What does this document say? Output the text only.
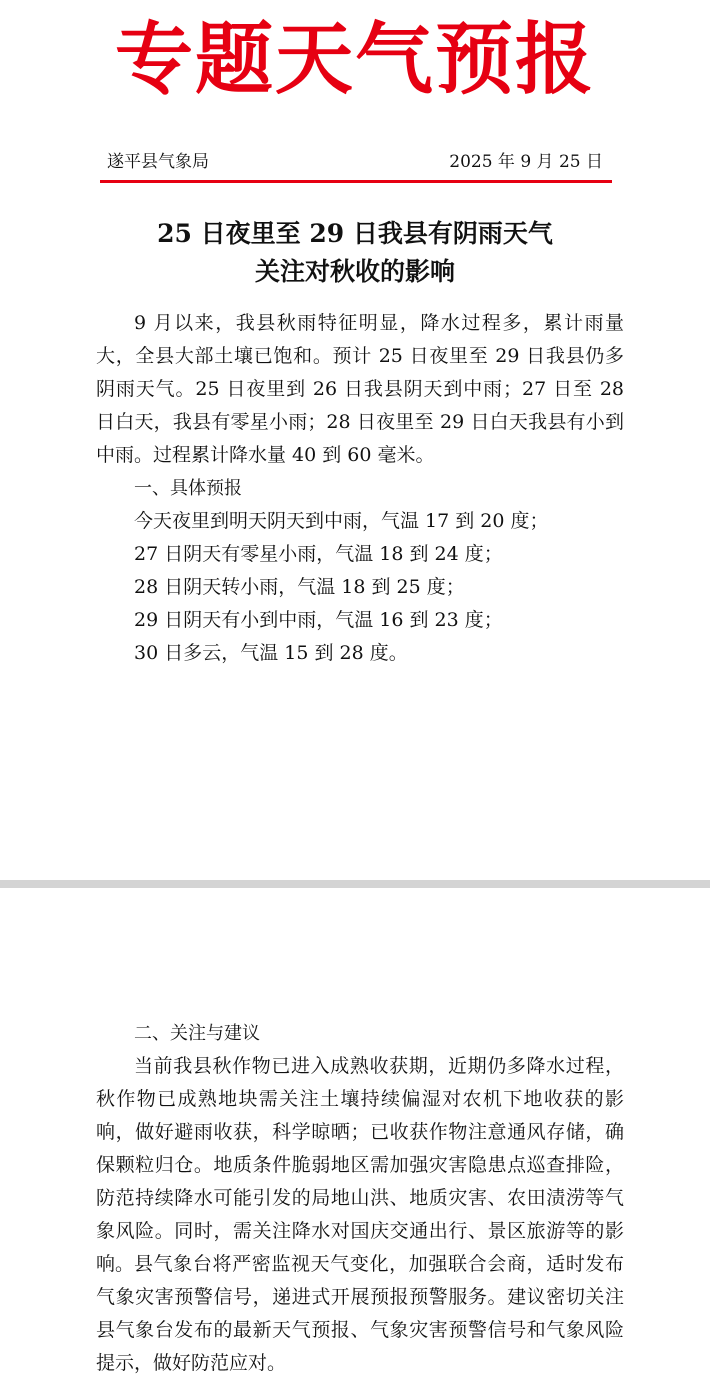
专题天气预报
遂平县气象局	2025 年 9 月 25 日
25 日夜里至 29 日我县有阴雨天气
关注对秋收的影响

9 月以来，我县秋雨特征明显，降水过程多，累计雨量大，全县大部土壤已饱和。预计 25 日夜里至 29 日我县仍多阴雨天气。25 日夜里到 26 日我县阴天到中雨；27 日至 28 日白天，我县有零星小雨；28 日夜里至 29 日白天我县有小到中雨。过程累计降水量 40 到 60 毫米。

一、具体预报
今天夜里到明天阴天到中雨，气温 17 到 20 度；
27 日阴天有零星小雨，气温 18 到 24 度；
28 日阴天转小雨，气温 18 到 25 度；
29 日阴天有小到中雨，气温 16 到 23 度；
30 日多云，气温 15 到 28 度。
二、关注与建议

当前我县秋作物已进入成熟收获期，近期仍多降水过程，秋作物已成熟地块需关注土壤持续偏湿对农机下地收获的影响，做好避雨收获，科学晾晒；已收获作物注意通风存储，确保颗粒归仓。地质条件脆弱地区需加强灾害隐患点巡查排险，防范持续降水可能引发的局地山洪、地质灾害、农田渍涝等气象风险。同时，需关注降水对国庆交通出行、景区旅游等的影响。 县气象台将严密监视天气变化，加强联合会商，适时发布气象灾害预警信号，递进式开展预报预警服务。建议密切关注县气象台发布的最新天气预报、气象灾害预警信号和气象风险提示，做好防范应对。
